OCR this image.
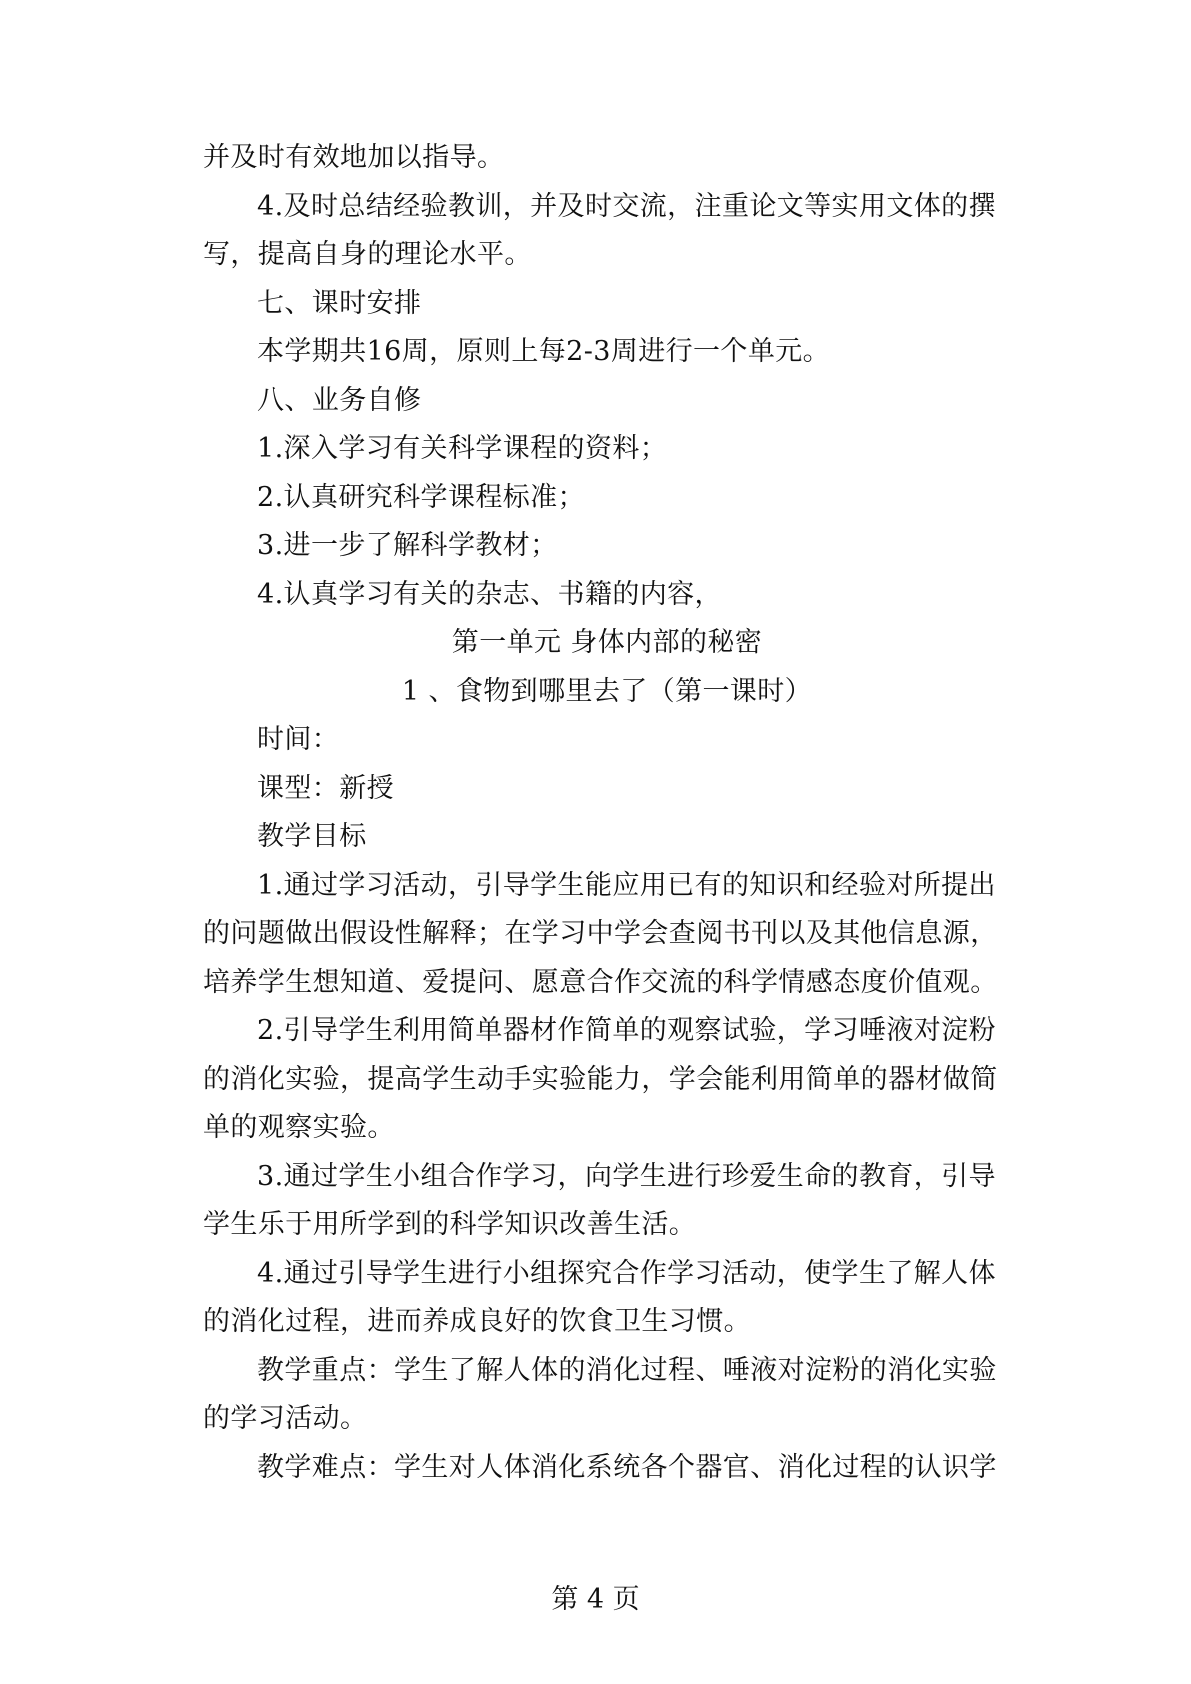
并及时有效地加以指导。

4.及时总结经验教训，并及时交流，注重论文等实用文体的撰写，提高自身的理论水平。

七、课时安排

本学期共16周，原则上每2-3周进行一个单元。

八、业务自修

1.深入学习有关科学课程的资料；

2.认真研究科学课程标准；

3.进一步了解科学教材；

4.认真学习有关的杂志、书籍的内容，

第一单元 身体内部的秘密

1 、食物到哪里去了（第一课时）

时间：

课型：新授

教学目标

1.通过学习活动，引导学生能应用已有的知识和经验对所提出的问题做出假设性解释；在学习中学会查阅书刊以及其他信息源，培养学生想知道、爱提问、愿意合作交流的科学情感态度价值观。

2.引导学生利用简单器材作简单的观察试验，学习唾液对淀粉的消化实验，提高学生动手实验能力，学会能利用简单的器材做简单的观察实验。

3.通过学生小组合作学习，向学生进行珍爱生命的教育，引导学生乐于用所学到的科学知识改善生活。

4.通过引导学生进行小组探究合作学习活动，使学生了解人体的消化过程，进而养成良好的饮食卫生习惯。

教学重点：学生了解人体的消化过程、唾液对淀粉的消化实验的学习活动。

教学难点：学生对人体消化系统各个器官、消化过程的认识学

第 4 页
